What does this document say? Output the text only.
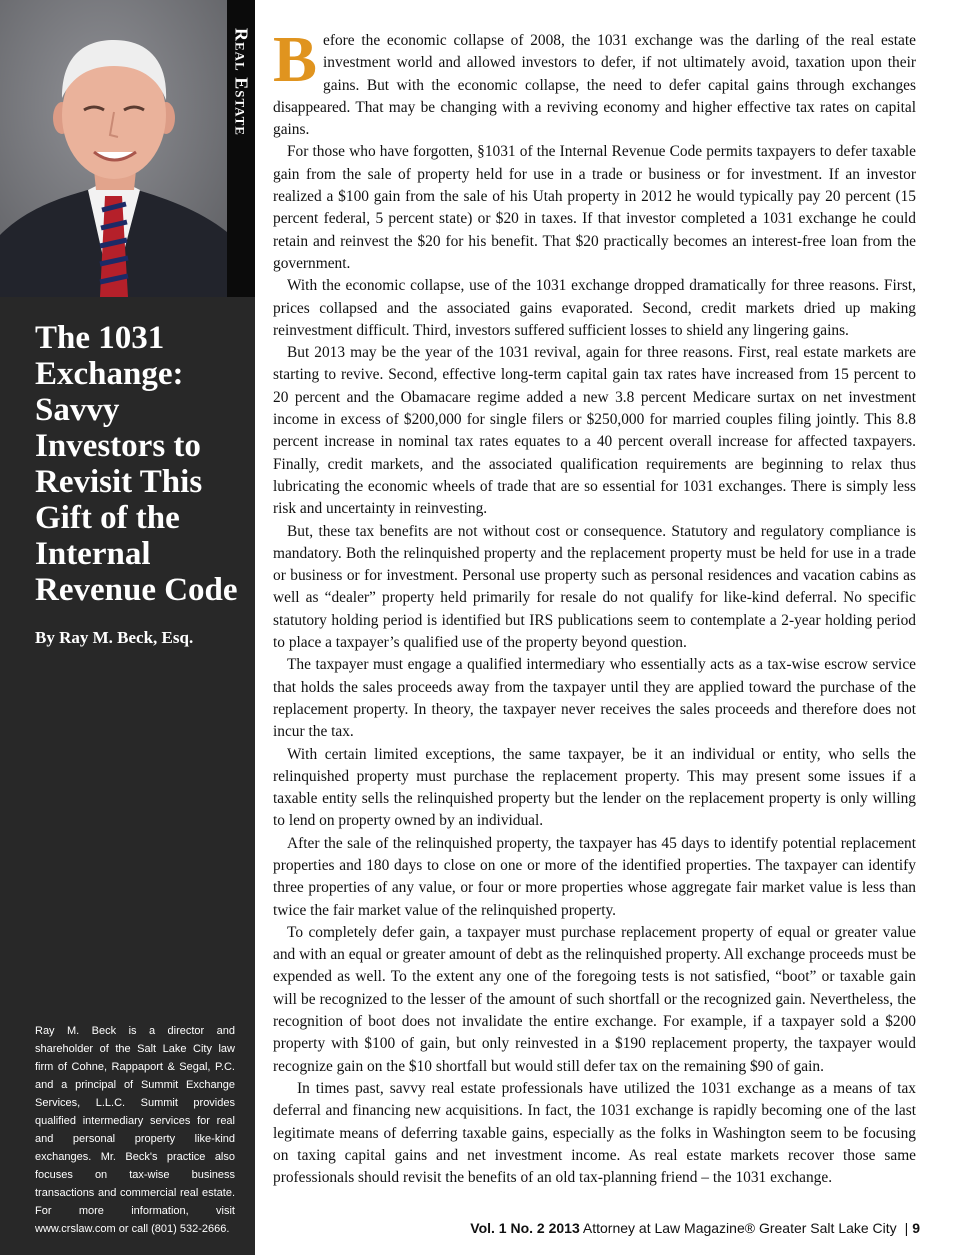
Real Estate
The 1031 Exchange: Savvy Investors to Revisit This Gift of the Internal Revenue Code

By Ray M. Beck, Esq.

Ray M. Beck is a director and shareholder of the Salt Lake City law firm of Cohne, Rappaport & Segal, P.C. and a principal of Summit Exchange Services, L.L.C. Summit provides qualified intermediary services for real and personal property like-kind exchanges. Mr. Beck's practice also focuses on tax-wise business transactions and commercial real estate. For more information, visit www.crslaw.com or call (801) 532-2666.

Before the economic collapse of 2008, the 1031 exchange was the darling of the real estate investment world and allowed investors to defer, if not ultimately avoid, taxation upon their gains. But with the economic collapse, the need to defer capital gains through exchanges disappeared. That may be changing with a reviving economy and higher effective tax rates on capital gains.

For those who have forgotten, §1031 of the Internal Revenue Code permits taxpayers to defer taxable gain from the sale of property held for use in a trade or business or for investment. If an investor realized a $100 gain from the sale of his Utah property in 2012 he would typically pay 20 percent (15 percent federal, 5 percent state) or $20 in taxes. If that investor completed a 1031 exchange he could retain and reinvest the $20 for his benefit. That $20 practically becomes an interest-free loan from the government.

With the economic collapse, use of the 1031 exchange dropped dramatically for three reasons. First, prices collapsed and the associated gains evaporated. Second, credit markets dried up making reinvestment difficult. Third, investors suffered sufficient losses to shield any lingering gains.

But 2013 may be the year of the 1031 revival, again for three reasons. First, real estate markets are starting to revive. Second, effective long-term capital gain tax rates have increased from 15 percent to 20 percent and the Obamacare regime added a new 3.8 percent Medicare surtax on net investment income in excess of $200,000 for single filers or $250,000 for married couples filing jointly. This 8.8 percent increase in nominal tax rates equates to a 40 percent overall increase for affected taxpayers. Finally, credit markets, and the associated qualification requirements are beginning to relax thus lubricating the economic wheels of trade that are so essential for 1031 exchanges. There is simply less risk and uncertainty in reinvesting.

But, these tax benefits are not without cost or consequence. Statutory and regulatory compliance is mandatory. Both the relinquished property and the replacement property must be held for use in a trade or business or for investment. Personal use property such as personal residences and vacation cabins as well as “dealer” property held primarily for resale do not qualify for like-kind deferral. No specific statutory holding period is identified but IRS publications seem to contemplate a 2-year holding period to place a taxpayer’s qualified use of the property beyond question.

The taxpayer must engage a qualified intermediary who essentially acts as a tax-wise escrow service that holds the sales proceeds away from the taxpayer until they are applied toward the purchase of the replacement property. In theory, the taxpayer never receives the sales proceeds and therefore does not incur the tax.

With certain limited exceptions, the same taxpayer, be it an individual or entity, who sells the relinquished property must purchase the replacement property. This may present some issues if a taxable entity sells the relinquished property but the lender on the replacement property is only willing to lend on property owned by an individual.

After the sale of the relinquished property, the taxpayer has 45 days to identify potential replacement properties and 180 days to close on one or more of the identified properties. The taxpayer can identify three properties of any value, or four or more properties whose aggregate fair market value is less than twice the fair market value of the relinquished property.

To completely defer gain, a taxpayer must purchase replacement property of equal or greater value and with an equal or greater amount of debt as the relinquished property. All exchange proceeds must be expended as well. To the extent any one of the foregoing tests is not satisfied, “boot” or taxable gain will be recognized to the lesser of the amount of such shortfall or the recognized gain. Nevertheless, the recognition of boot does not invalidate the entire exchange. For example, if a taxpayer sold a $200 property with $100 of gain, but only reinvested in a $190 replacement property, the taxpayer would recognize gain on the $10 shortfall but would still defer tax on the remaining $90 of gain.

In times past, savvy real estate professionals have utilized the 1031 exchange as a means of tax deferral and financing new acquisitions. In fact, the 1031 exchange is rapidly becoming one of the last legitimate means of deferring taxable gains, especially as the folks in Washington seem to be focusing on taxing capital gains and net investment income. As real estate markets recover those same professionals should revisit the benefits of an old tax-planning friend – the 1031 exchange.

Vol. 1 No. 2 2013 Attorney at Law Magazine® Greater Salt Lake City | 9
